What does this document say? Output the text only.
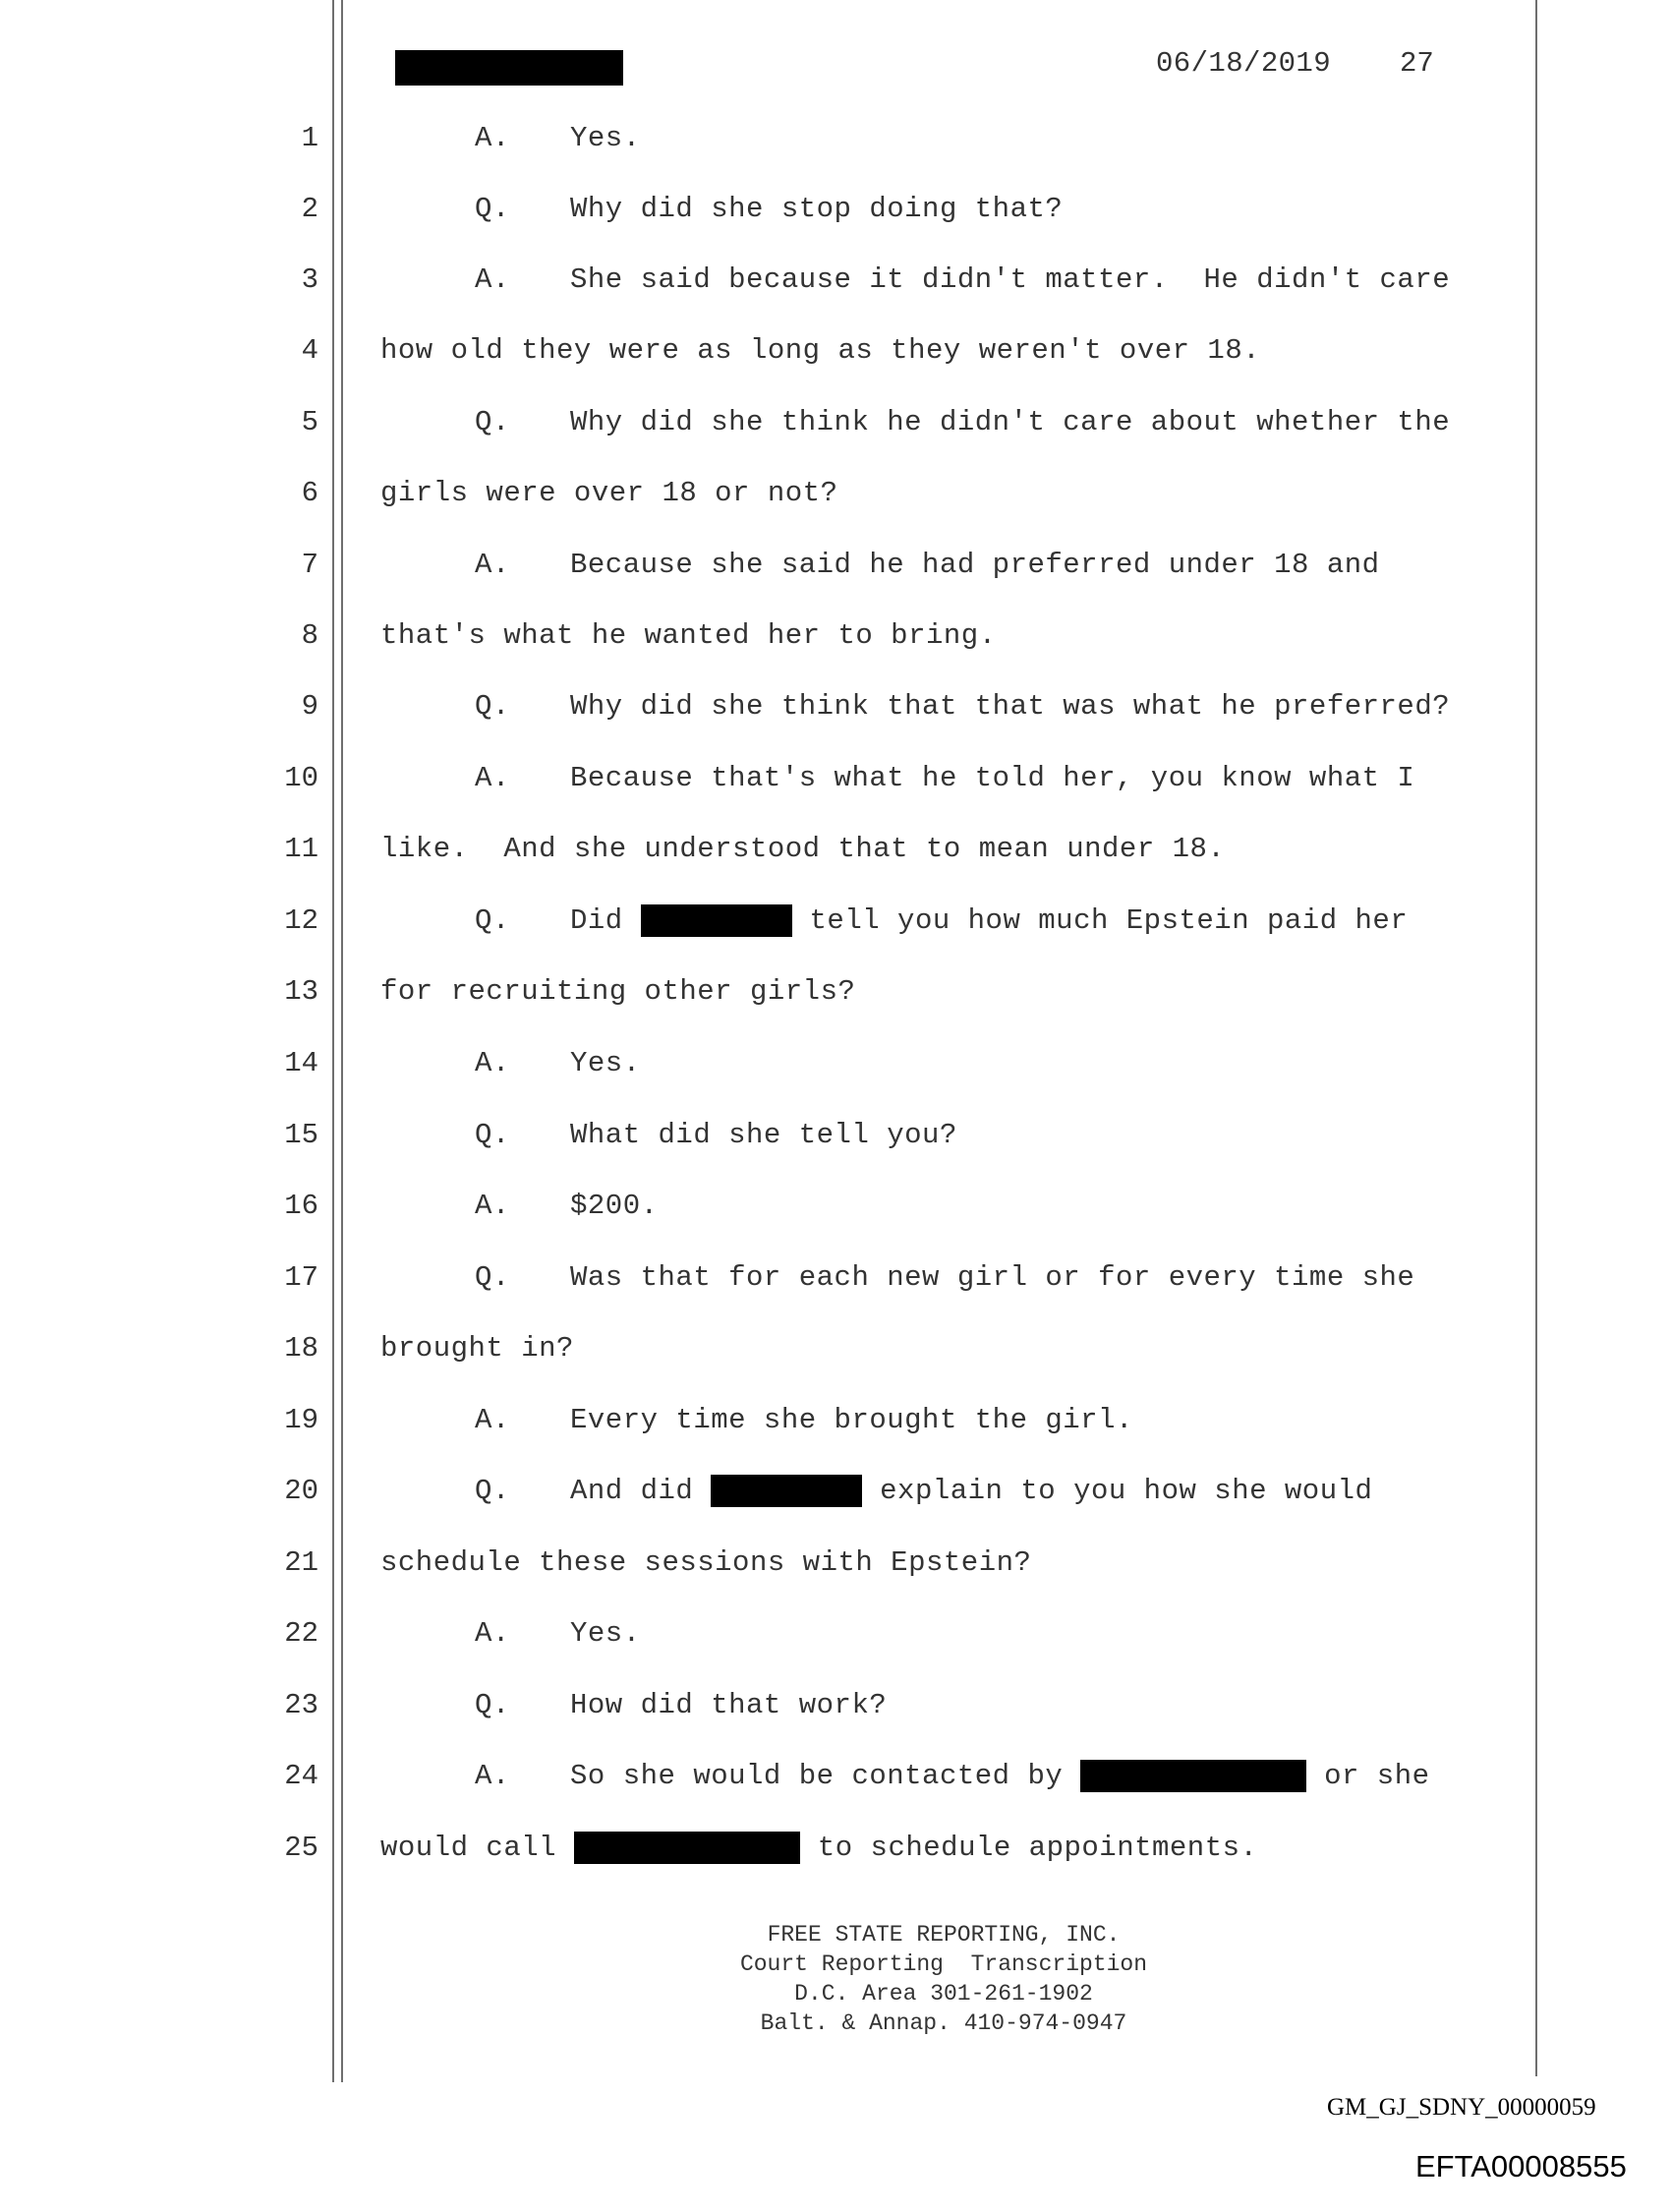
06/18/2019 27
1	A.	Yes.
2	Q.	Why did she stop doing that?
3	A.	She said because it didn't matter.  He didn't care
4 how old they were as long as they weren't over 18.
5	Q.	Why did she think he didn't care about whether the
6 girls were over 18 or not?
7	A.	Because she said he had preferred under 18 and
8 that's what he wanted her to bring.
9	Q.	Why did she think that that was what he preferred?
10	A.	Because that's what he told her, you know what I
11 like.  And she understood that to mean under 18.
12	Q.	Did	tell you how much Epstein paid her
13 for recruiting other girls?
14	A.	Yes.
15	Q.	What did she tell you?
16	A.	$200.
17	Q.	Was that for each new girl or for every time she
18 brought in?
19	A.	Every time she brought the girl.
20	Q.	And did	explain to you how she would
21 schedule these sessions with Epstein?
22	A.	Yes.
23	Q.	How did that work?
24	A.	So she would be contacted by	or she
25 would call	to schedule appointments.
FREE STATE REPORTING, INC.
Court Reporting  Transcription
D.C. Area 301-261-1902
Balt. & Annap. 410-974-0947
GM_GJ_SDNY_00000059
EFTA00008555
